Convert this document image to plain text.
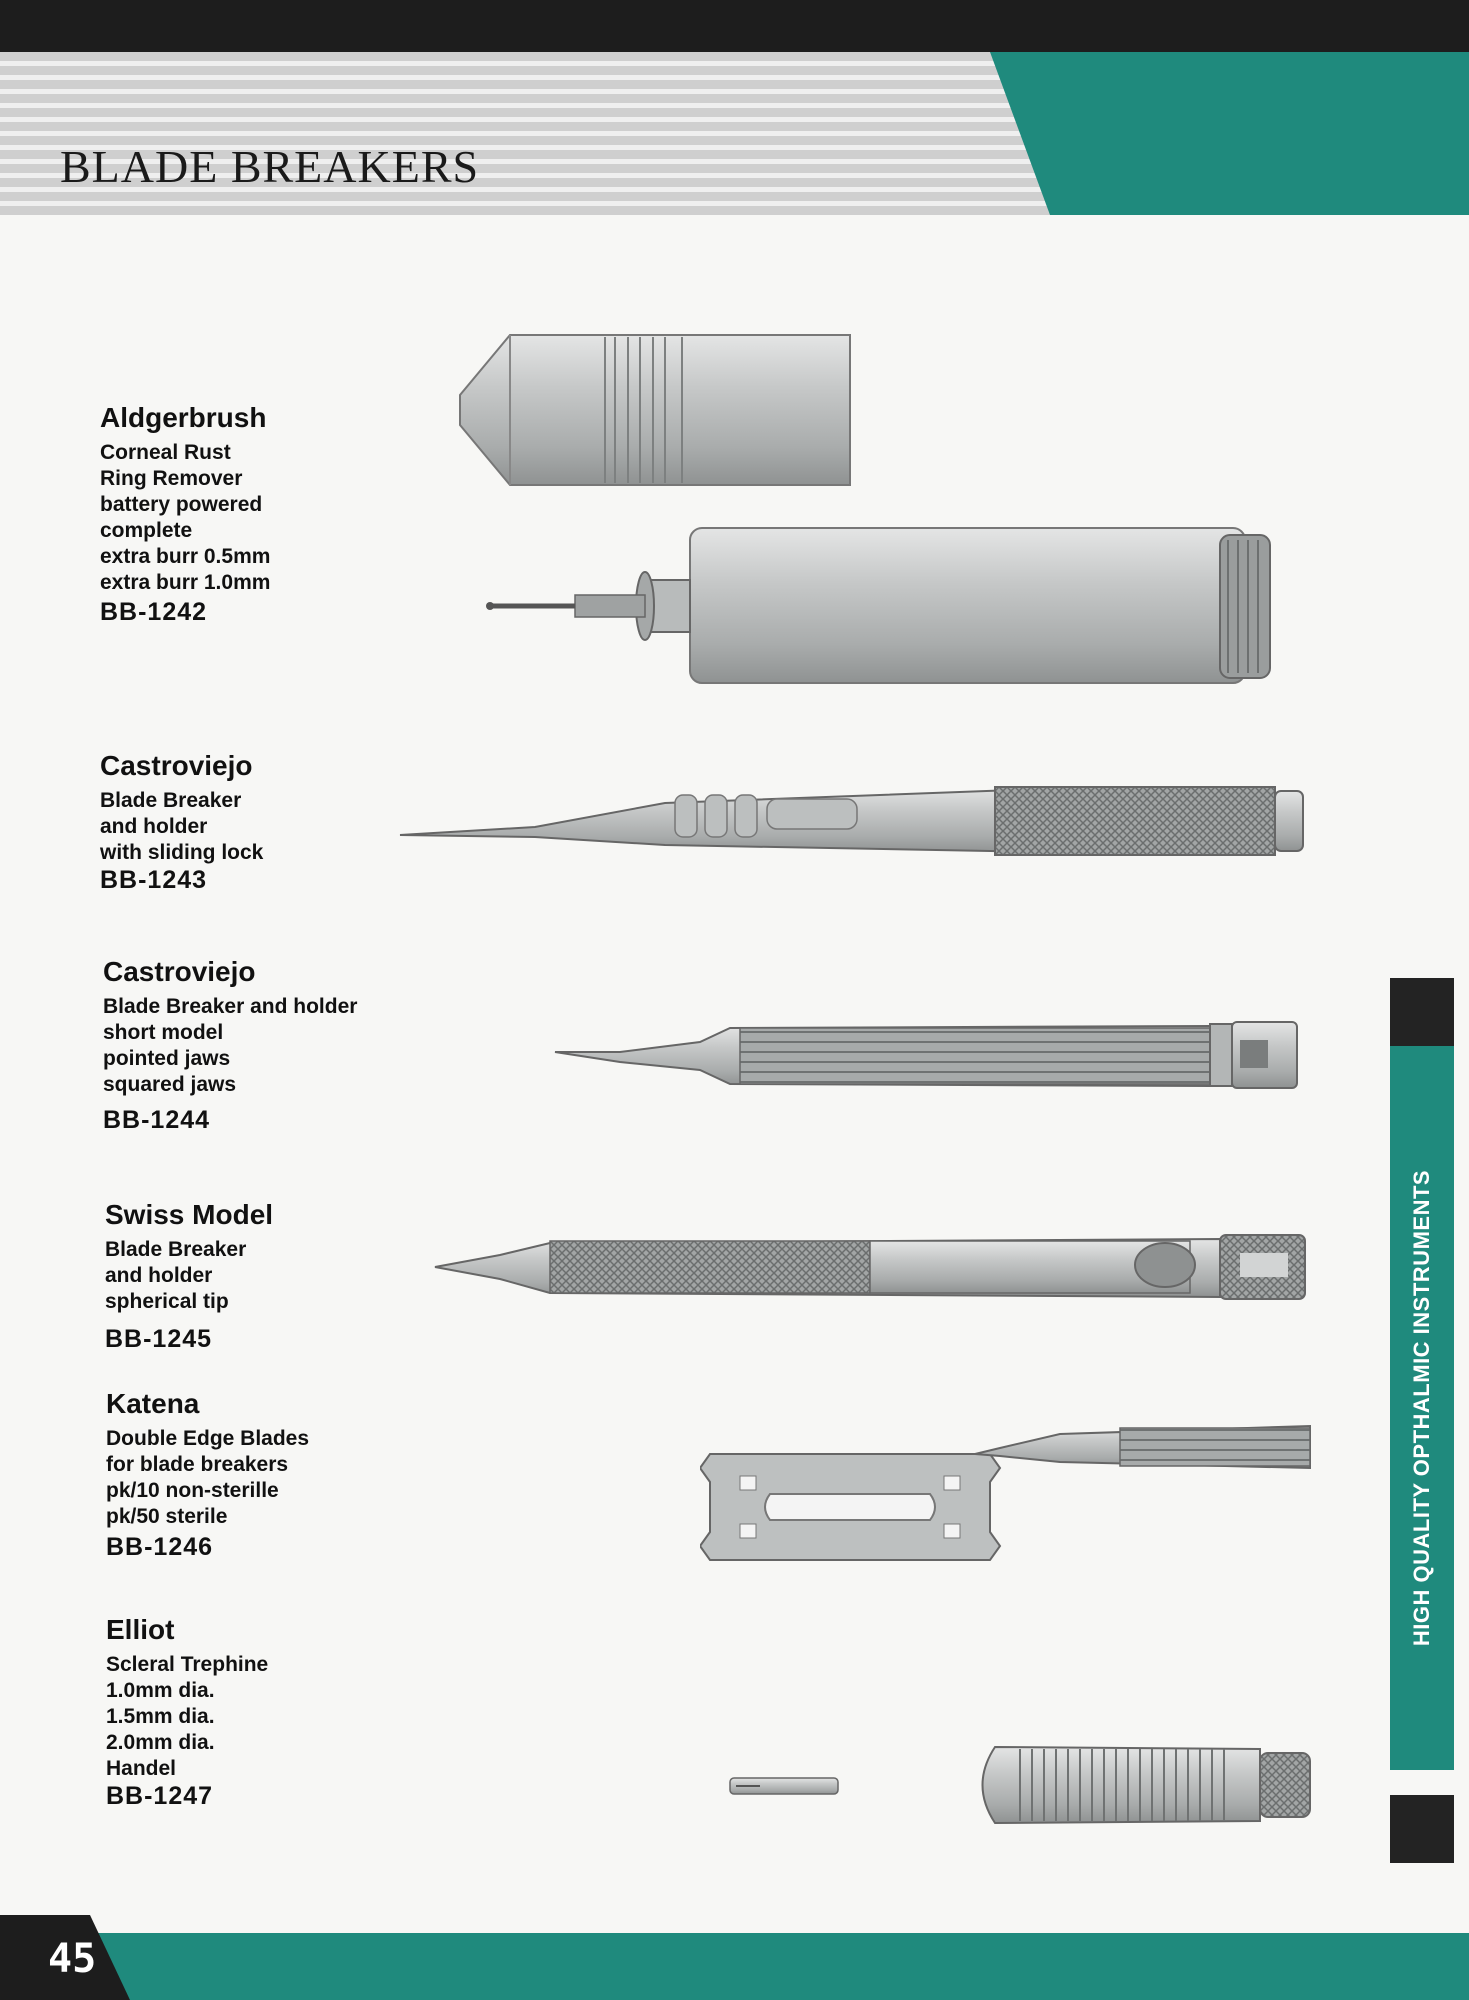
BLADE BREAKERS
Aldgerbrush
Corneal Rust
Ring Remover
battery powered
complete
extra burr 0.5mm
extra burr 1.0mm
BB-1242
Castroviejo
Blade Breaker
and holder
with sliding lock
BB-1243
Castroviejo
Blade Breaker and holder
short model
pointed jaws
squared jaws
BB-1244
Swiss Model
Blade Breaker
and holder
spherical tip
BB-1245
Katena
Double Edge Blades
for blade breakers
pk/10 non-sterille
pk/50 sterile
BB-1246
Elliot
Scleral Trephine
1.0mm dia.
1.5mm dia.
2.0mm dia.
Handel
BB-1247
HIGH QUALITY OPTHALMIC INSTRUMENTS
45
